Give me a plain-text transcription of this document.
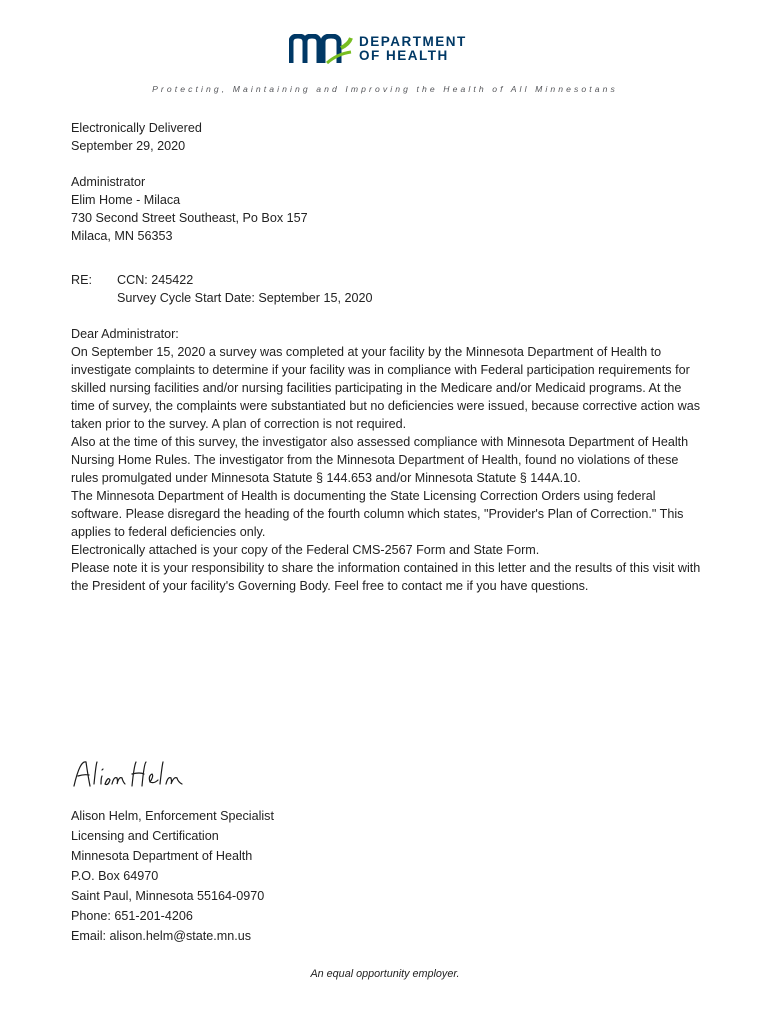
DEPARTMENT
OF HEALTH
Protecting, Maintaining and Improving the Health of All Minnesotans

Electronically Delivered

September 29, 2020

Administrator

Elim Home - Milaca

730 Second Street Southeast, Po Box 157

Milaca, MN 56353

RE:	CCN: 245422

Survey Cycle Start Date: September 15, 2020

Dear Administrator:

On September 15, 2020 a survey was completed at your facility by the Minnesota Department of Health to investigate complaints to determine if your facility was in compliance with Federal participation requirements for skilled nursing facilities and/or nursing facilities participating in the Medicare and/or Medicaid programs. At the time of survey, the complaints were substantiated but no deficiencies were issued, because corrective action was taken prior to the survey. A plan of correction is not required.

Also at the time of this survey, the investigator also assessed compliance with Minnesota Department of Health Nursing Home Rules. The investigator from the Minnesota Department of Health, found no violations of these rules promulgated under Minnesota Statute § 144.653 and/or Minnesota Statute § 144A.10.

The Minnesota Department of Health is documenting the State Licensing Correction Orders using federal software. Please disregard the heading of the fourth column which states, "Provider's Plan of Correction." This applies to federal deficiencies only.

Electronically attached is your copy of the Federal CMS-2567 Form and State Form.

Please note it is your responsibility to share the information contained in this letter and the results of this visit with the President of your facility's Governing Body. Feel free to contact me if you have questions.

Alison Helm, Enforcement Specialist

Licensing and Certification

Minnesota Department of Health

P.O. Box 64970

Saint Paul, Minnesota 55164-0970

Phone: 651-201-4206

Email: alison.helm@state.mn.us

An equal opportunity employer.
